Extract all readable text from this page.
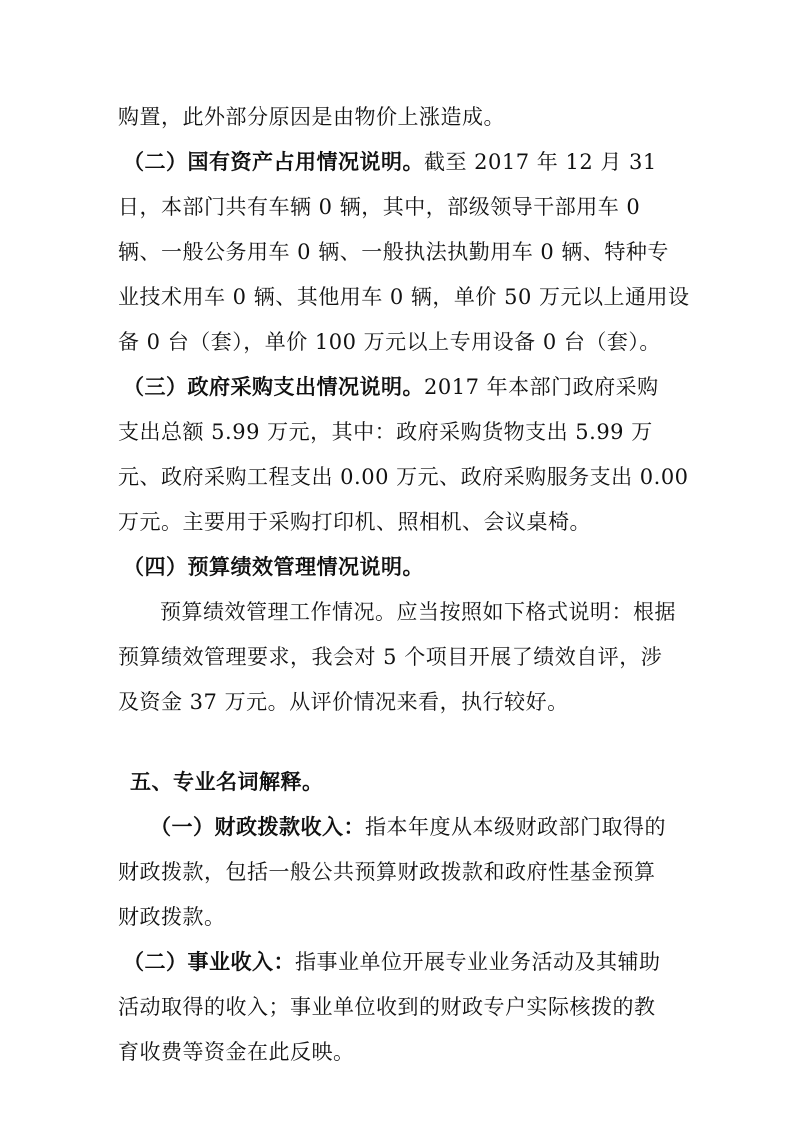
购置，此外部分原因是由物价上涨造成。
（二）国有资产占用情况说明。截至 2017 年 12 月 31
日，本部门共有车辆 0 辆，其中，部级领导干部用车 0
辆、一般公务用车 0 辆、一般执法执勤用车 0 辆、特种专
业技术用车 0 辆、其他用车 0 辆，单价 50 万元以上通用设
备 0 台（套），单价 100 万元以上专用设备 0 台（套）。
（三）政府采购支出情况说明。2017 年本部门政府采购
支出总额 5.99 万元，其中：政府采购货物支出 5.99 万
元、政府采购工程支出 0.00 万元、政府采购服务支出 0.00
万元。主要用于采购打印机、照相机、会议桌椅。
（四）预算绩效管理情况说明。
预算绩效管理工作情况。应当按照如下格式说明：根据
预算绩效管理要求，我会对 5 个项目开展了绩效自评，涉
及资金 37 万元。从评价情况来看，执行较好。
五、专业名词解释。
（一）财政拨款收入：指本年度从本级财政部门取得的
财政拨款，包括一般公共预算财政拨款和政府性基金预算
财政拨款。
（二）事业收入：指事业单位开展专业业务活动及其辅助
活动取得的收入；事业单位收到的财政专户实际核拨的教
育收费等资金在此反映。
